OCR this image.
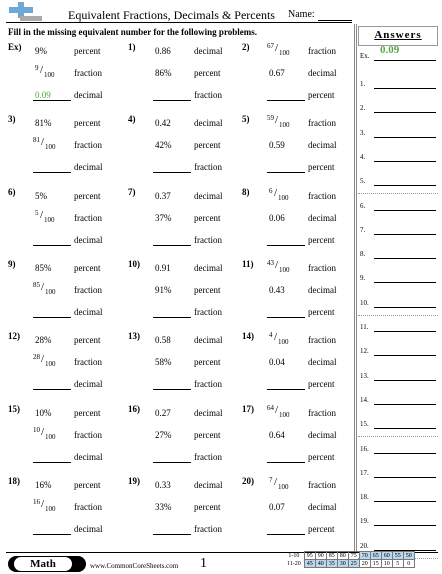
Equivalent Fractions, Decimals & Percents Name:
Fill in the missing equivalent number for the following problems.
Ex) 9%	percent
9 / 100 fraction
0.09	decimal
1) 0.86	decimal
86%	percent
fraction
2)	67 / 100 fraction
0.67	decimal
percent
3) 81%	percent
81 / 100 fraction
decimal
4) 0.42	decimal
42%	percent
fraction
5)	59 / 100 fraction
0.59	decimal
percent
6) 5%	percent
5 / 100 fraction
decimal
7) 0.37	decimal
37%	percent
fraction
8)	6 / 100 fraction
0.06	decimal
percent
9) 85%	percent
85 / 100 fraction
decimal
10) 0.91	decimal
91%	percent
fraction
11) 43 / 100 fraction
0.43	decimal
percent
12) 28%	percent
28 / 100 fraction
decimal
13) 0.58	decimal
58%	percent
fraction
14) 4 / 100 fraction
0.04	decimal
percent
15) 10%	percent
10 / 100 fraction
decimal
16) 0.27	decimal
27%	percent
fraction
17) 64 / 100 fraction
0.64	decimal
percent
18) 16%	percent
16 / 100 fraction
decimal
19) 0.33	decimal
33%	percent
fraction
20) 7 / 100 fraction
0.07	decimal
percent
Answers
Ex. 0.09
1.
2.
3.
4.
5.
6.
7.
8.
9.
10.
11.
12.
13.
14.
15.
16.
17.
18.
19.
20.
Math	www.CommonCoreSheets.com 1
1-10	95	90	85	80	75	70	65	60	55	50
11-20	45	40	35	30	25	20	15	10	5	0
